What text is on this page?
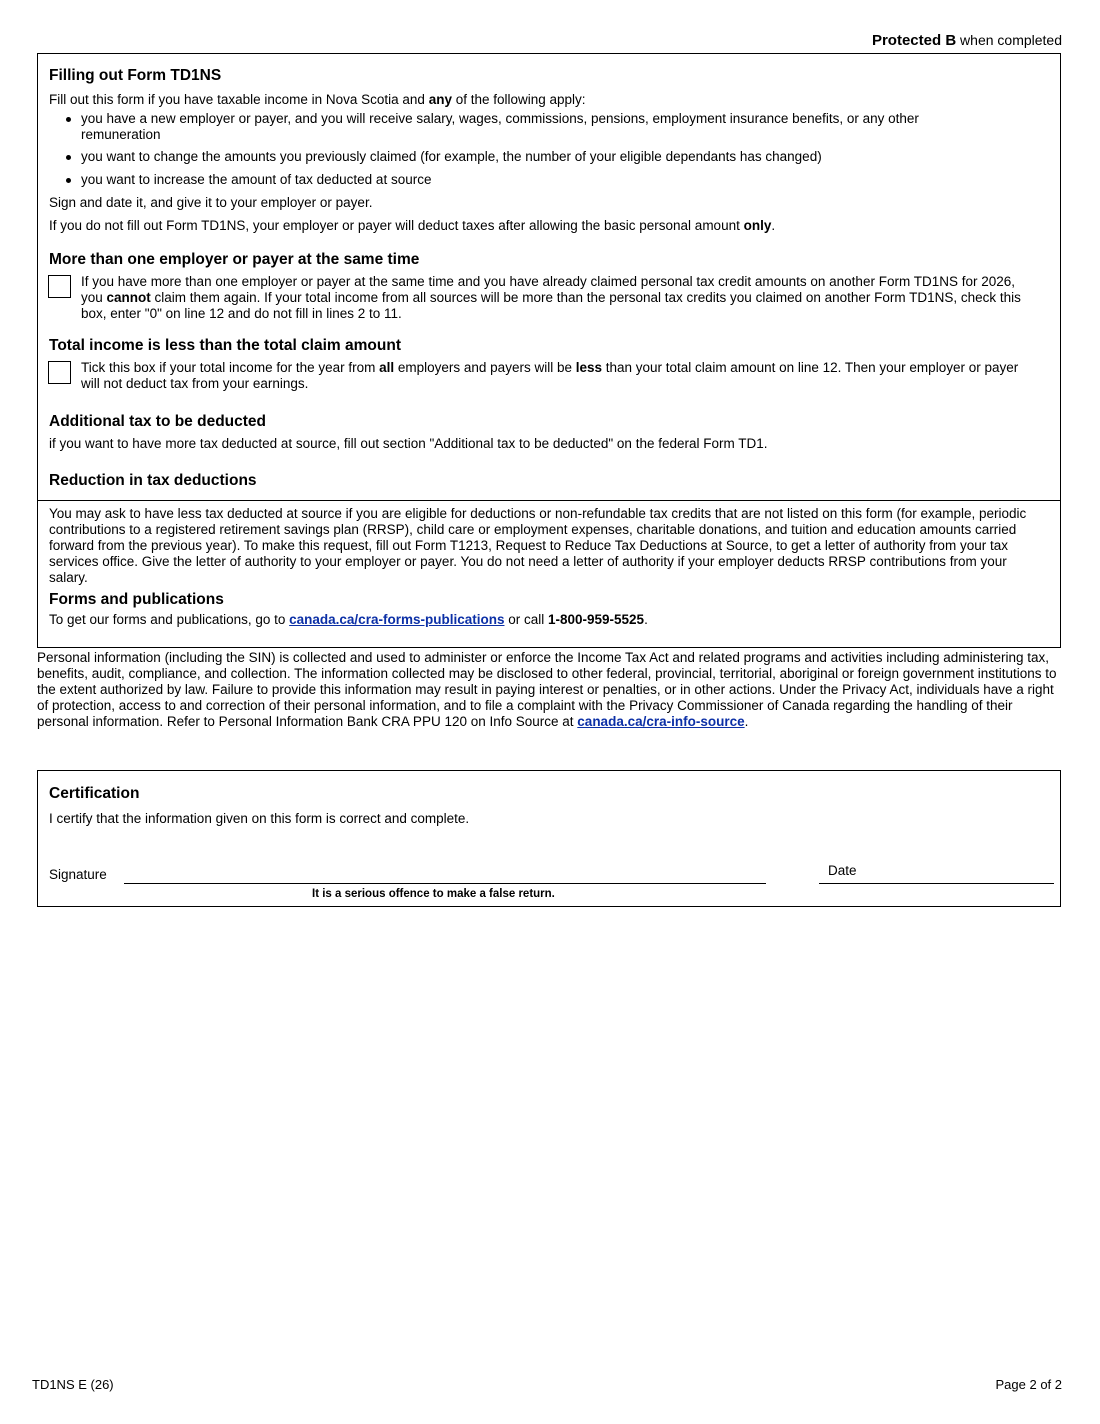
Protected B when completed
Filling out Form TD1NS

Fill out this form if you have taxable income in Nova Scotia and any of the following apply:

you have a new employer or payer, and you will receive salary, wages, commissions, pensions, employment insurance benefits, or any other remuneration

you want to change the amounts you previously claimed (for example, the number of your eligible dependants has changed)

you want to increase the amount of tax deducted at source

Sign and date it, and give it to your employer or payer.

If you do not fill out Form TD1NS, your employer or payer will deduct taxes after allowing the basic personal amount only.

More than one employer or payer at the same time

If you have more than one employer or payer at the same time and you have already claimed personal tax credit amounts on another Form TD1NS for 2026, you cannot claim them again. If your total income from all sources will be more than the personal tax credits you claimed on another Form TD1NS, check this box, enter "0" on line 12 and do not fill in lines 2 to 11.

Total income is less than the total claim amount

Tick this box if your total income for the year from all employers and payers will be less than your total claim amount on line 12. Then your employer or payer will not deduct tax from your earnings.

Additional tax to be deducted

if you want to have more tax deducted at source, fill out section "Additional tax to be deducted" on the federal Form TD1.

Reduction in tax deductions

You may ask to have less tax deducted at source if you are eligible for deductions or non-refundable tax credits that are not listed on this form (for example, periodic contributions to a registered retirement savings plan (RRSP), child care or employment expenses, charitable donations, and tuition and education amounts carried forward from the previous year). To make this request, fill out Form T1213, Request to Reduce Tax Deductions at Source, to get a letter of authority from your tax services office. Give the letter of authority to your employer or payer. You do not need a letter of authority if your employer deducts RRSP contributions from your salary.

Forms and publications

To get our forms and publications, go to canada.ca/cra-forms-publications or call 1-800-959-5525.

Personal information (including the SIN) is collected and used to administer or enforce the Income Tax Act and related programs and activities including administering tax, benefits, audit, compliance, and collection. The information collected may be disclosed to other federal, provincial, territorial, aboriginal or foreign government institutions to the extent authorized by law. Failure to provide this information may result in paying interest or penalties, or in other actions. Under the Privacy Act, individuals have a right of protection, access to and correction of their personal information, and to file a complaint with the Privacy Commissioner of Canada regarding the handling of their personal information. Refer to Personal Information Bank CRA PPU 120 on Info Source at canada.ca/cra-info-source.

Certification

I certify that the information given on this form is correct and complete.

Signature	Date
It is a serious offence to make a false return.
TD1NS E (26)	Page 2 of 2
